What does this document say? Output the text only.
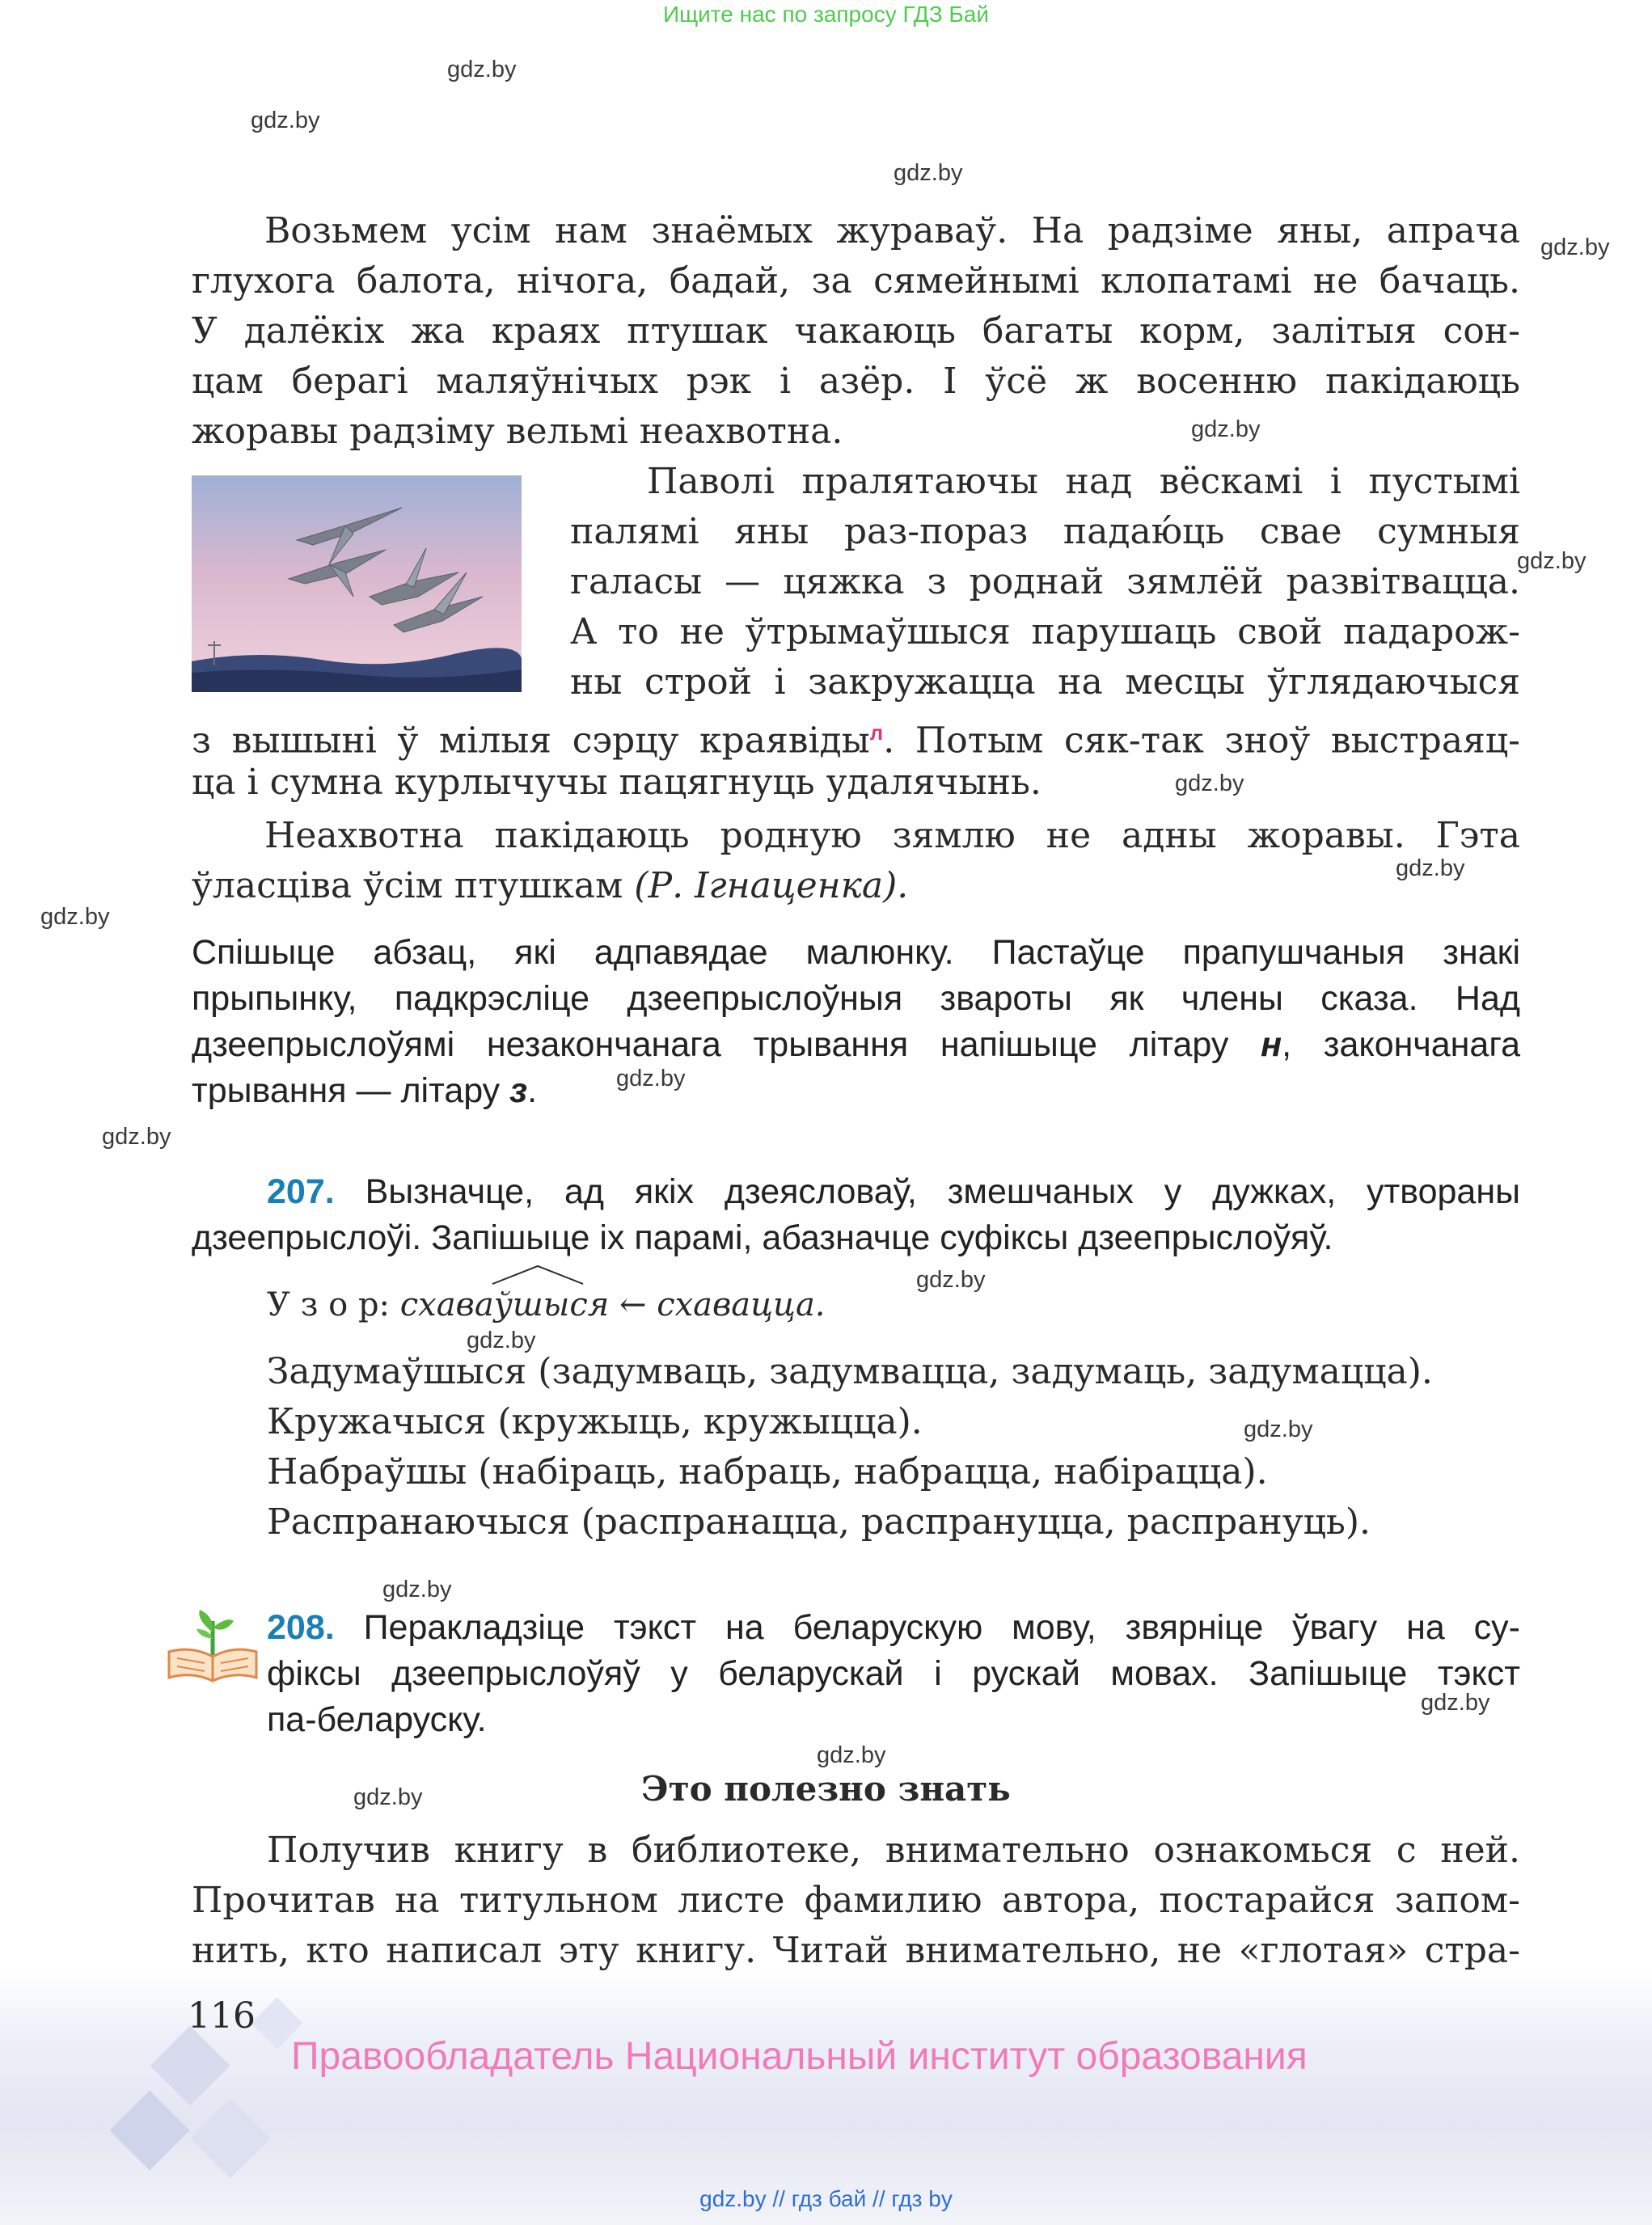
Ищите нас по запросу ГДЗ Бай
gdz.by
gdz.by
gdz.by
gdz.by
gdz.by
gdz.by
gdz.by
gdz.by
gdz.by
gdz.by
gdz.by
gdz.by
gdz.by
gdz.by
gdz.by
gdz.by
gdz.by
gdz.by
Возьмем усім нам знаёмых жураваў. На радзіме яны, апрача
глухога балота, нічога, бадай, за сямейнымі клопатамі не бачаць.
У далёкіх жа краях птушак чакаюць багаты корм, залітыя сон-
цам берагі маляўнічых рэк і азёр. І ўсё ж восенню пакідаюць
жоравы радзіму вельмі неахвотна.
Паволі пралятаючы над вёскамі і пустымі
палямі яны раз-пораз падаю́ць свае сумныя
галасы — цяжка з роднай зямлёй развітвацца.
А то не ўтрымаўшыся парушаць свой падарож-
ны строй і закружацца на месцы ўглядаючыся
з вышыні ў мілыя сэрцу краявіды$^л$. Потым сяк-так зноў выстраяц-
ца і сумна курлычучы пацягнуць удалячынь.
Неахвотна пакідаюць родную зямлю не адны жоравы. Гэта
ўласціва ўсім птушкам (Р. Ігнаценка).
Спішыце абзац, які адпавядае малюнку. Пастаўце прапушчаныя знакі
прыпынку, падкрэсліце дзеепрыслоўныя звароты як члены сказа. Над
дзеепрыслоўямі незакончанага трывання напішыце літару н, закончанага
трывання — літару з.
207. Вызначце, ад якіх дзеясловаў, змешчаных у дужках, утвораны
дзеепрыслоўі. Запішыце іх парамі, абазначце суфіксы дзеепрыслоўяў.
У з о р: схаваўшыся ← схавацца.
Задумаўшыся (задумваць, задумвацца, задумаць, задумацца).
Кружачыся (кружыць, кружыцца).
Набраўшы (набіраць, набраць, набрацца, набірацца).
Распранаючыся (распранацца, распрануцца, распрануць).
208. Перакладзіце тэкст на беларускую мову, звярніце ўвагу на су-
фіксы дзеепрыслоўяў у беларускай і рускай мовах. Запішыце тэкст
па-беларуску.
Это полезно знать
Получив книгу в библиотеке, внимательно ознакомься с ней.
Прочитав на титульном листе фамилию автора, постарайся запом-
нить, кто написал эту книгу. Читай внимательно, не «глотая» стра-
116
Правообладатель Национальный институт образования
gdz.by // гдз бай // гдз by
